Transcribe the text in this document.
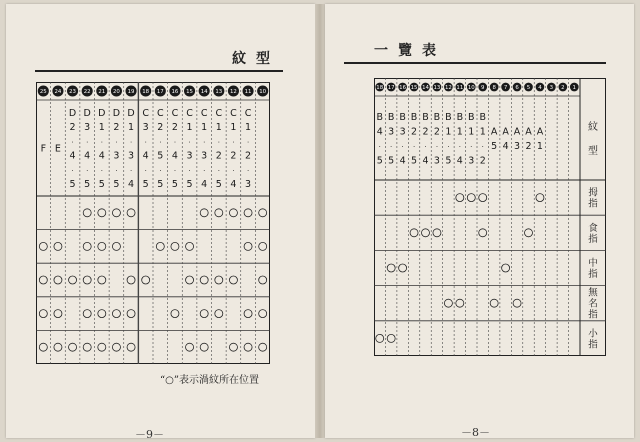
紋型	一覽表
25
F
24
E
23
D
2
·
4
·
5
22
D
3
·
4
·
5
21
D
1
·
4
·
5
20
D
2
·
3
·
5
19
D
1
·
3
·
4
18
C
3
·
4
·
5
17
C
2
·
5
·
5
16
C
2
·
4
·
5
15
C
1
·
3
·
5
14
C
1
·
3
·
4
13
C
1
·
2
·
5
12
C
1
·
2
·
4
11
C
1
·
2
·
3
10
18
B
4
·
5
17
B
3
·
5
16
B
3
·
4
15
B
2
·
5
14
B
2
·
4
13
B
2
·
3
12
B
1
·
5
11
B
1
·
4
10
B
1
·
3
9
B
1
·
2
8
A
5
7
A
4
6
A
3
5
A
2
4
A
1
3 2 1
紋
型
拇
指
食
指
中
指
無
名
指
小
指
“○”表示渦紋所在位置
－9－	－8－
